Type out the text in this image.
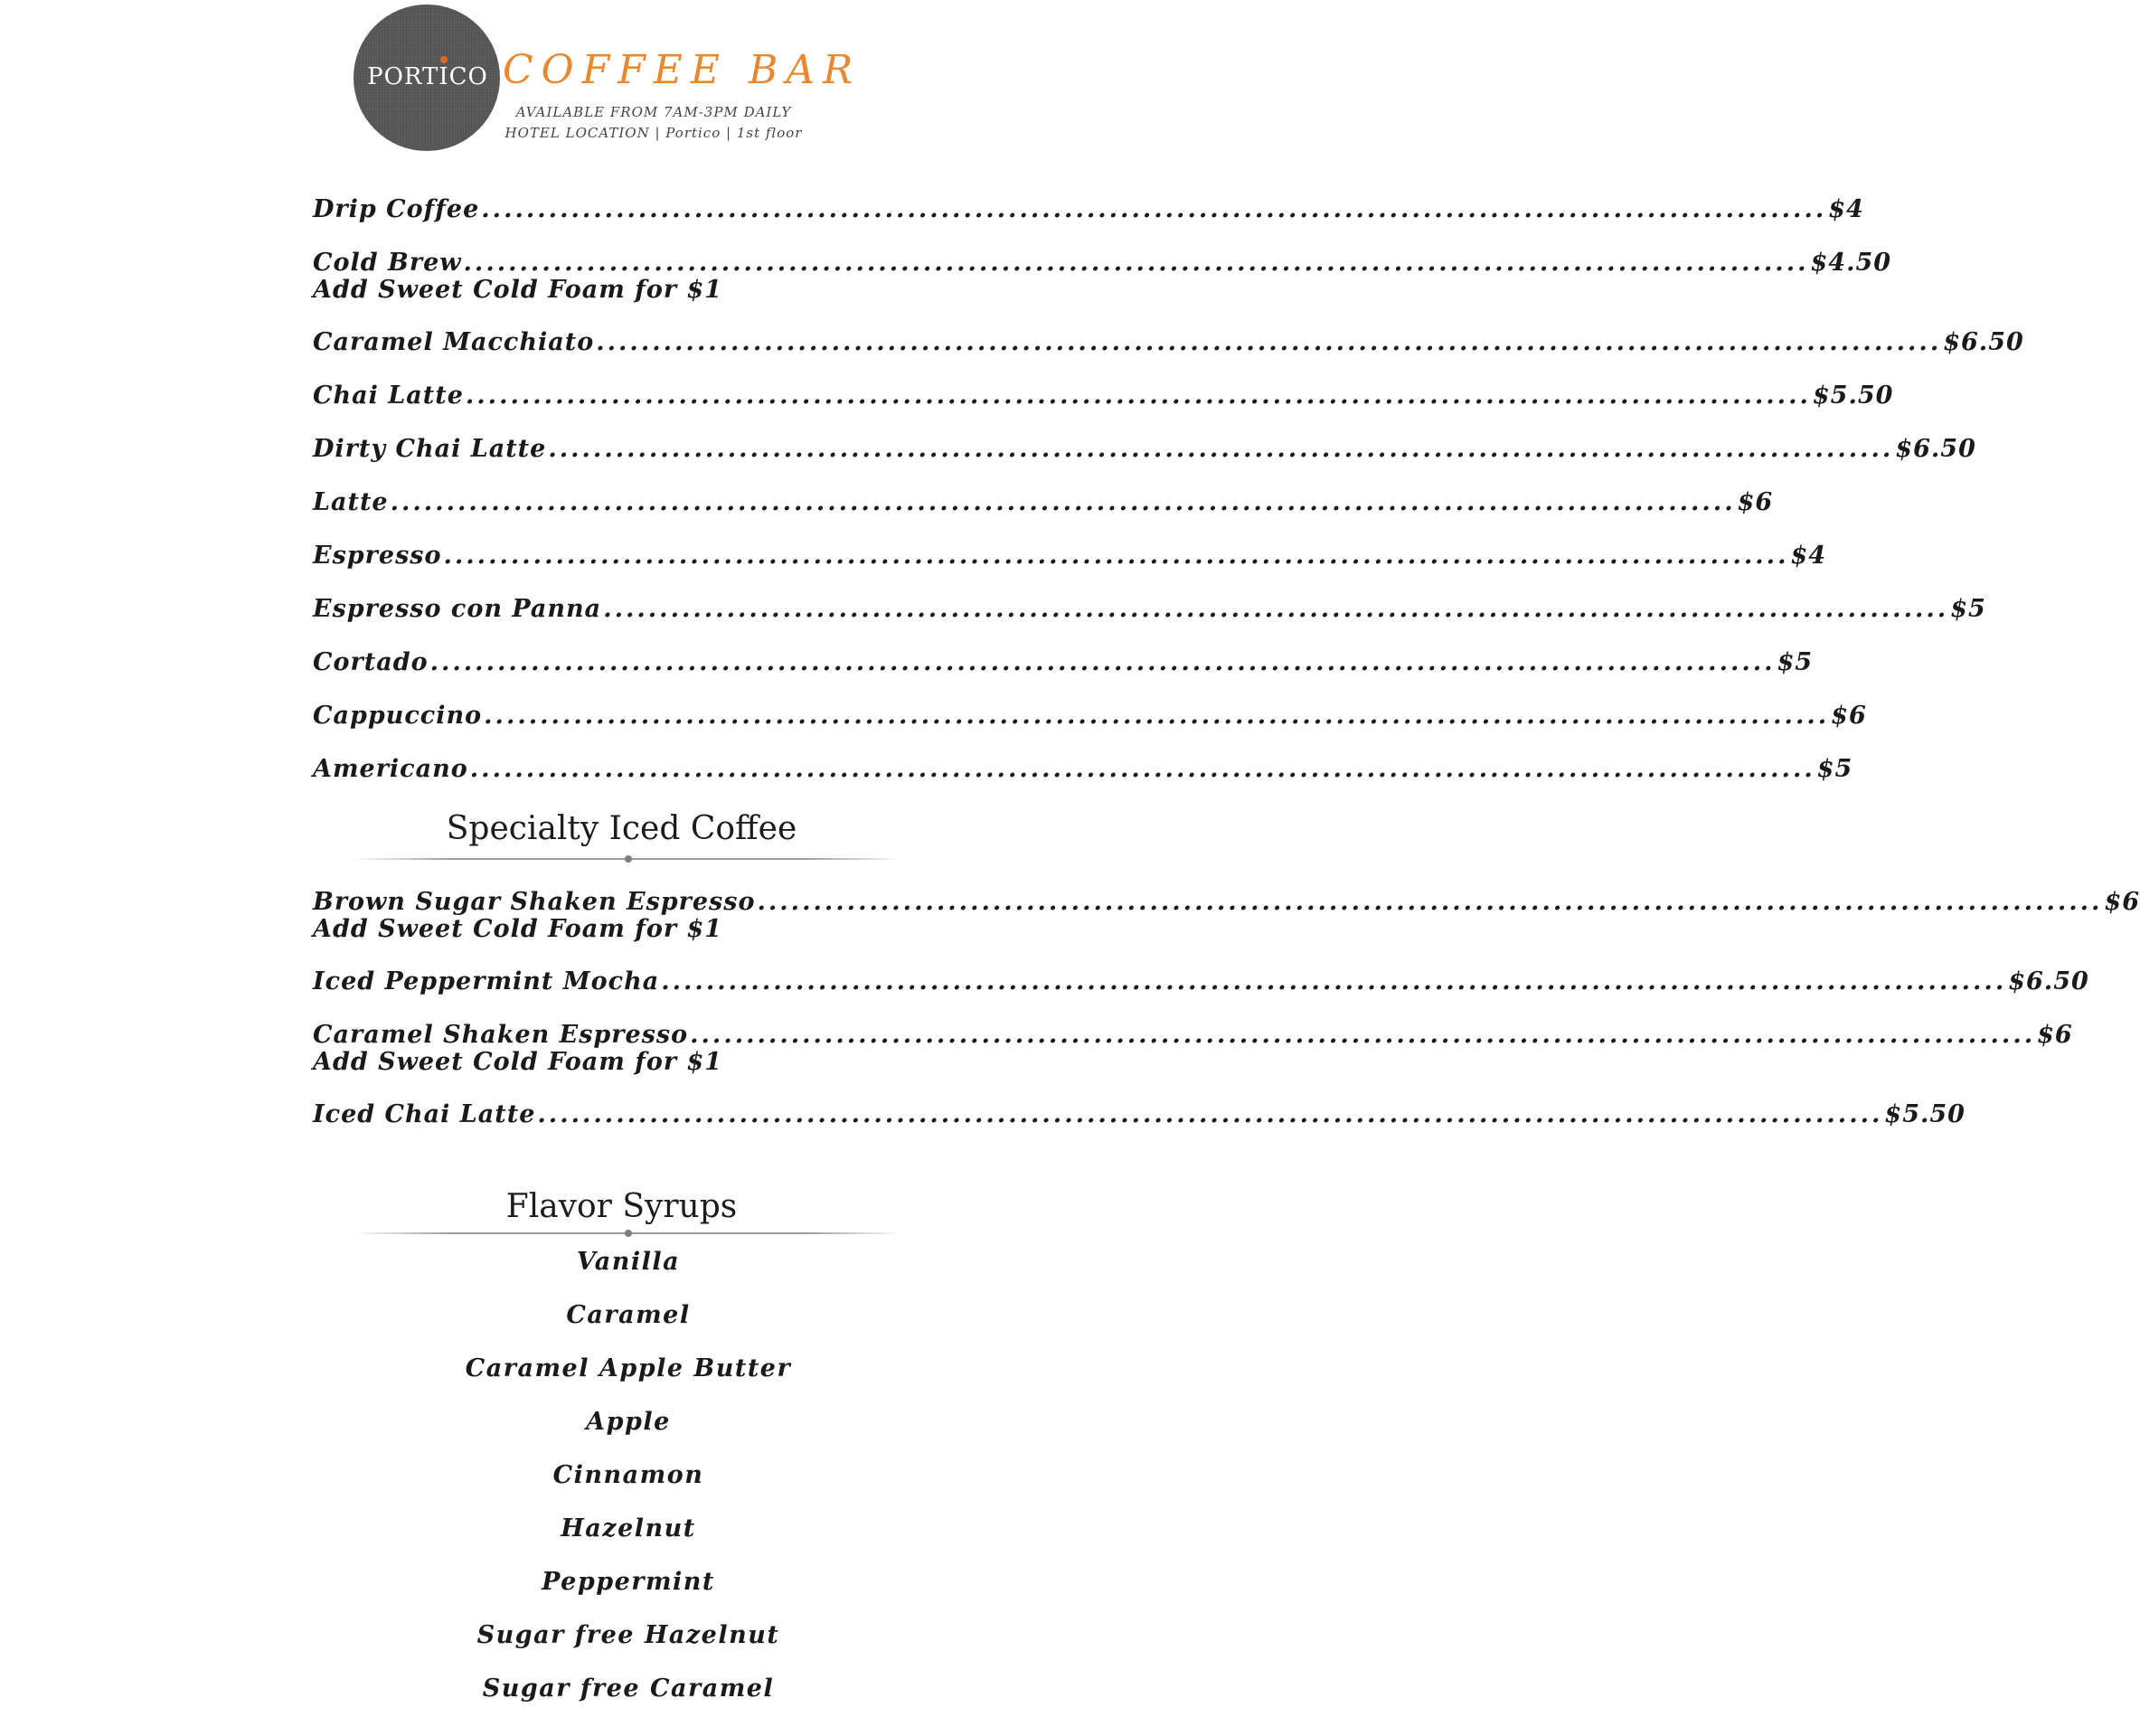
PORTICO COFFEE BAR
AVAILABLE FROM 7AM-3PM DAILY
HOTEL LOCATION | Portico | 1st floor
Drip Coffee ........................................................................................................................ $4
Cold Brew ........................................................................................................................ $4.50
Add Sweet Cold Foam for $1
Caramel Macchiato ........................................................................................................................ $6.50
Chai Latte ........................................................................................................................ $5.50
Dirty Chai Latte ........................................................................................................................ $6.50
Latte ........................................................................................................................ $6
Espresso ........................................................................................................................ $4
Espresso con Panna ........................................................................................................................ $5
Cortado ........................................................................................................................ $5
Cappuccino ........................................................................................................................ $6
Americano ........................................................................................................................ $5
Brown Sugar Shaken Espresso ........................................................................................................................ $6
Add Sweet Cold Foam for $1
Iced Peppermint Mocha ........................................................................................................................ $6.50
Caramel Shaken Espresso ........................................................................................................................ $6
Add Sweet Cold Foam for $1
Iced Chai Latte ........................................................................................................................ $5.50
Specialty Iced Coffee
Flavor Syrups
Vanilla
Caramel
Caramel Apple Butter
Apple
Cinnamon
Hazelnut
Peppermint
Sugar free Hazelnut
Sugar free Caramel
